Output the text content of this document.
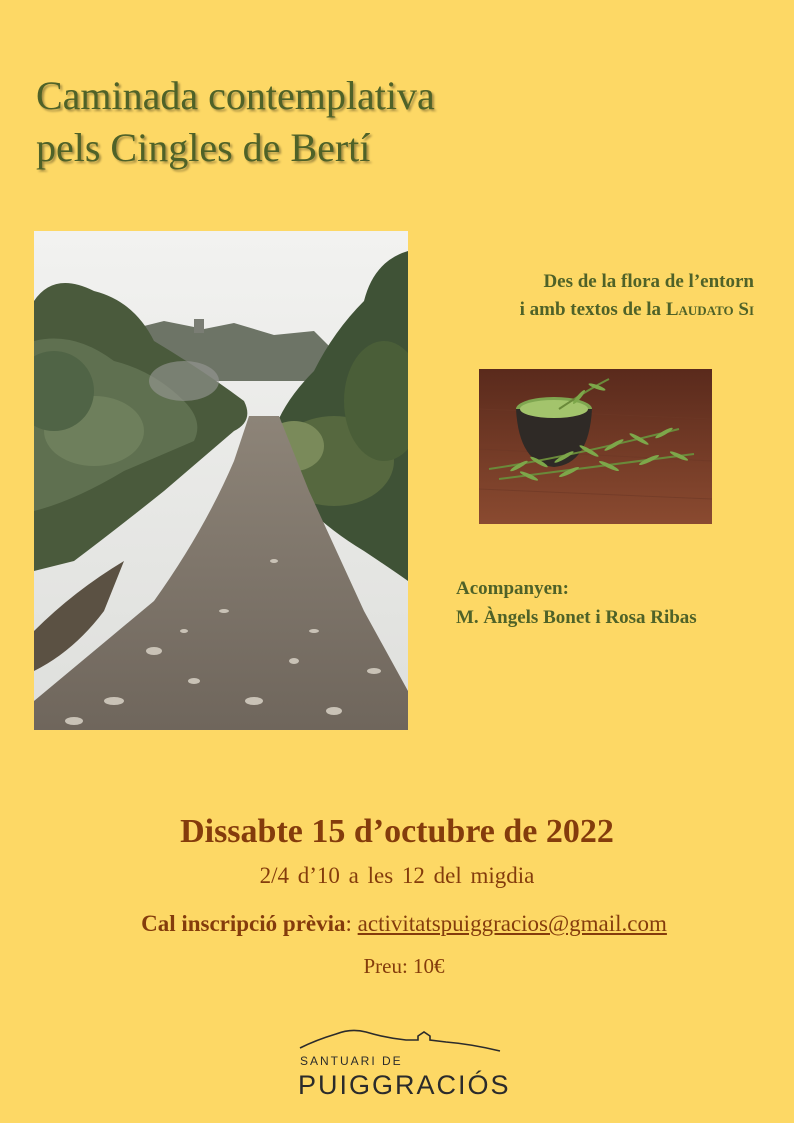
Caminada contemplativa
pels Cingles de Bertí
Des de la flora de l’entorn
i amb textos de la Laudato Si
Acompanyen:
M. Àngels Bonet i Rosa Ribas
Dissabte 15 d’octubre de 2022
2/4 d’10 a les 12 del migdia
Cal inscripció prèvia: activitatspuiggracios@gmail.com
Preu: 10€
SANTUARI DE
PUIGGRACIÓS
